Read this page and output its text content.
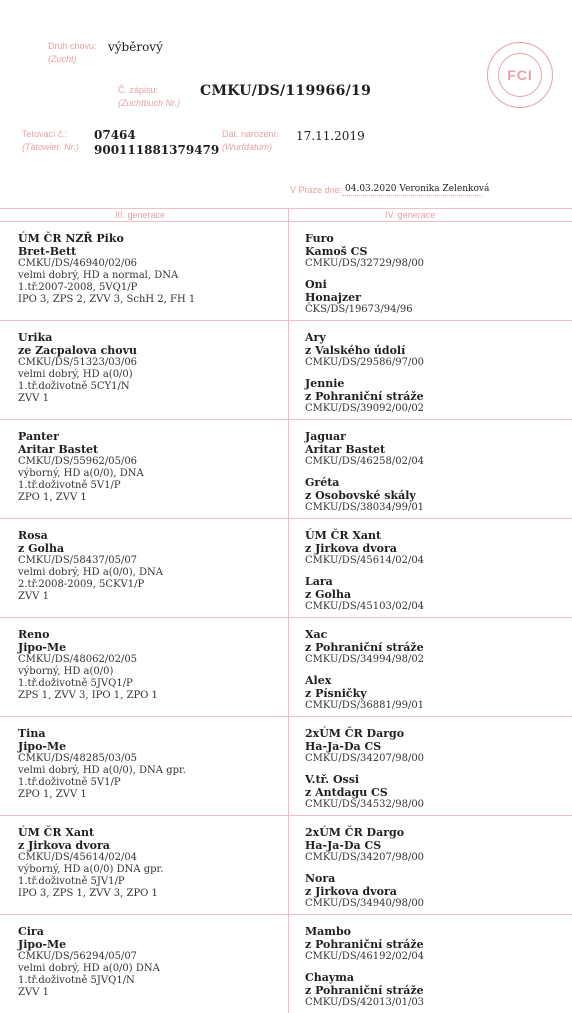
Druh chovu:
(Zucht)
výběrový
Č. zápisu:
(Zuchtbuch Nr.)
CMKU/DS/119966/19
Tetovací č.:
(Tätowier. Nr.)
07464
900111881379479
Dat. narození:
(Wurfdatum)
17.11.2019
V Praze dne: 04.03.2020 Veronika Zelenková
FCI
III. generace	IV. generace
ÚM ČR NZŘ Piko
Bret-Bett
CMKU/DS/46940/02/06
velmi dobrý, HD a normal, DNA
1.tř.2007-2008, 5VQ1/P
IPO 3, ZPS 2, ZVV 3, SchH 2, FH 1
Furo
Kamoš CS
CMKU/DS/32729/98/00
Oni
Honajzer
ČKS/DS/19673/94/96
Urika
ze Zacpalova chovu
CMKU/DS/51323/03/06
velmi dobrý, HD a(0/0)
1.tř.doživotně 5CY1/N
ZVV 1
Ary
z Valského údolí
CMKU/DS/29586/97/00
Jennie
z Pohraniční stráže
CMKU/DS/39092/00/02
Panter
Aritar Bastet
CMKU/DS/55962/05/06
výborný, HD a(0/0), DNA
1.tř.doživotně 5V1/P
ZPO 1, ZVV 1
Jaguar
Aritar Bastet
CMKU/DS/46258/02/04
Gréta
z Osobovské skály
CMKU/DS/38034/99/01
Rosa
z Golha
CMKU/DS/58437/05/07
velmi dobrý, HD a(0/0), DNA
2.tř.2008-2009, 5CKV1/P
ZVV 1
ÚM ČR Xant
z Jirkova dvora
CMKU/DS/45614/02/04
Lara
z Golha
CMKU/DS/45103/02/04
Reno
Jipo-Me
CMKU/DS/48062/02/05
výborný, HD a(0/0)
1.tř.doživotně 5JVQ1/P
ZPS 1, ZVV 3, IPO 1, ZPO 1
Xac
z Pohraniční stráže
CMKU/DS/34994/98/02
Alex
z Písničky
CMKU/DS/36881/99/01
Tina
Jipo-Me
CMKU/DS/48285/03/05
velmi dobrý, HD a(0/0), DNA gpr.
1.tř.doživotně 5V1/P
ZPO 1, ZVV 1
2xÚM ČR Dargo
Ha-Ja-Da CS
CMKU/DS/34207/98/00
V.tř. Ossi
z Antdagu CS
CMKU/DS/34532/98/00
ÚM ČR Xant
z Jirkova dvora
CMKU/DS/45614/02/04
výborný, HD a(0/0) DNA gpr.
1.tř.doživotně 5JV1/P
IPO 3, ZPS 1, ZVV 3, ZPO 1
2xÚM ČR Dargo
Ha-Ja-Da CS
CMKU/DS/34207/98/00
Nora
z Jirkova dvora
CMKU/DS/34940/98/00
Cira
Jipo-Me
CMKU/DS/56294/05/07
velmi dobrý, HD a(0/0) DNA
1.tř.doživotně 5JVQ1/N
ZVV 1
Mambo
z Pohraniční stráže
CMKU/DS/46192/02/04
Chayma
z Pohraniční stráže
CMKU/DS/42013/01/03
